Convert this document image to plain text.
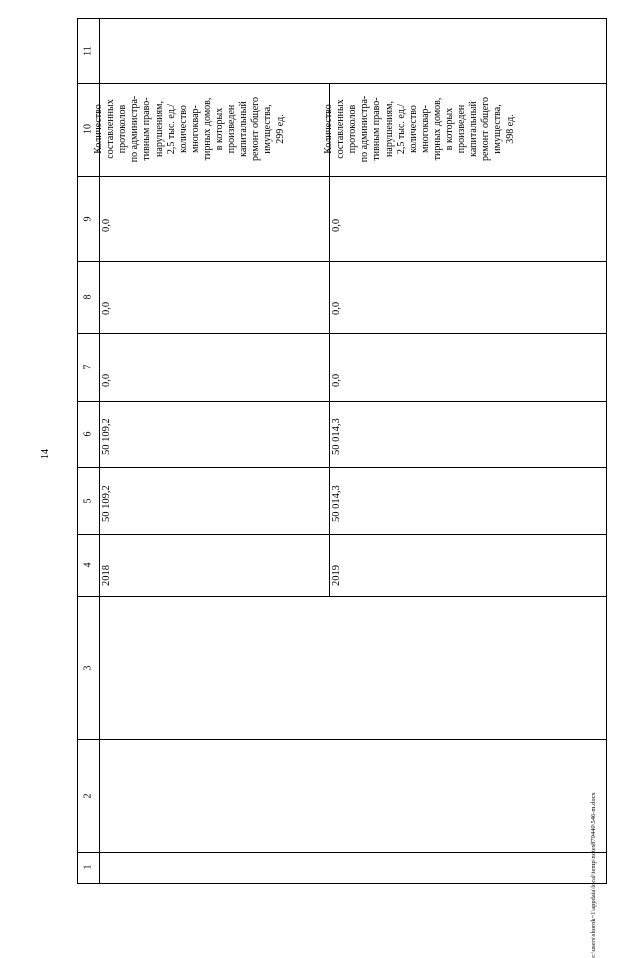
14
c:\users\shorok~1\appdata\local\temp\notes879440\546-m.docx
11
10
9
8
7
6
5
4
3
2
1
0,0
0,0
0,0
50 109,2
50 109,2
2018
0,0
0,0
0,0
50 014,3
50 014,3
2019
Количество составленных протоколов по администра- тивным право- нарушениям, 2,5 тыс. ед./ количество многоквар- тирных домов, в которых произведен капитальный ремонт общего имущества, 299 ед.	Количество составленных протоколов по администра- тивным право- нарушениям, 2,5 тыс. ед./ количество многоквар- тирных домов, в которых произведен капитальный ремонт общего имущества, 398 ед.
